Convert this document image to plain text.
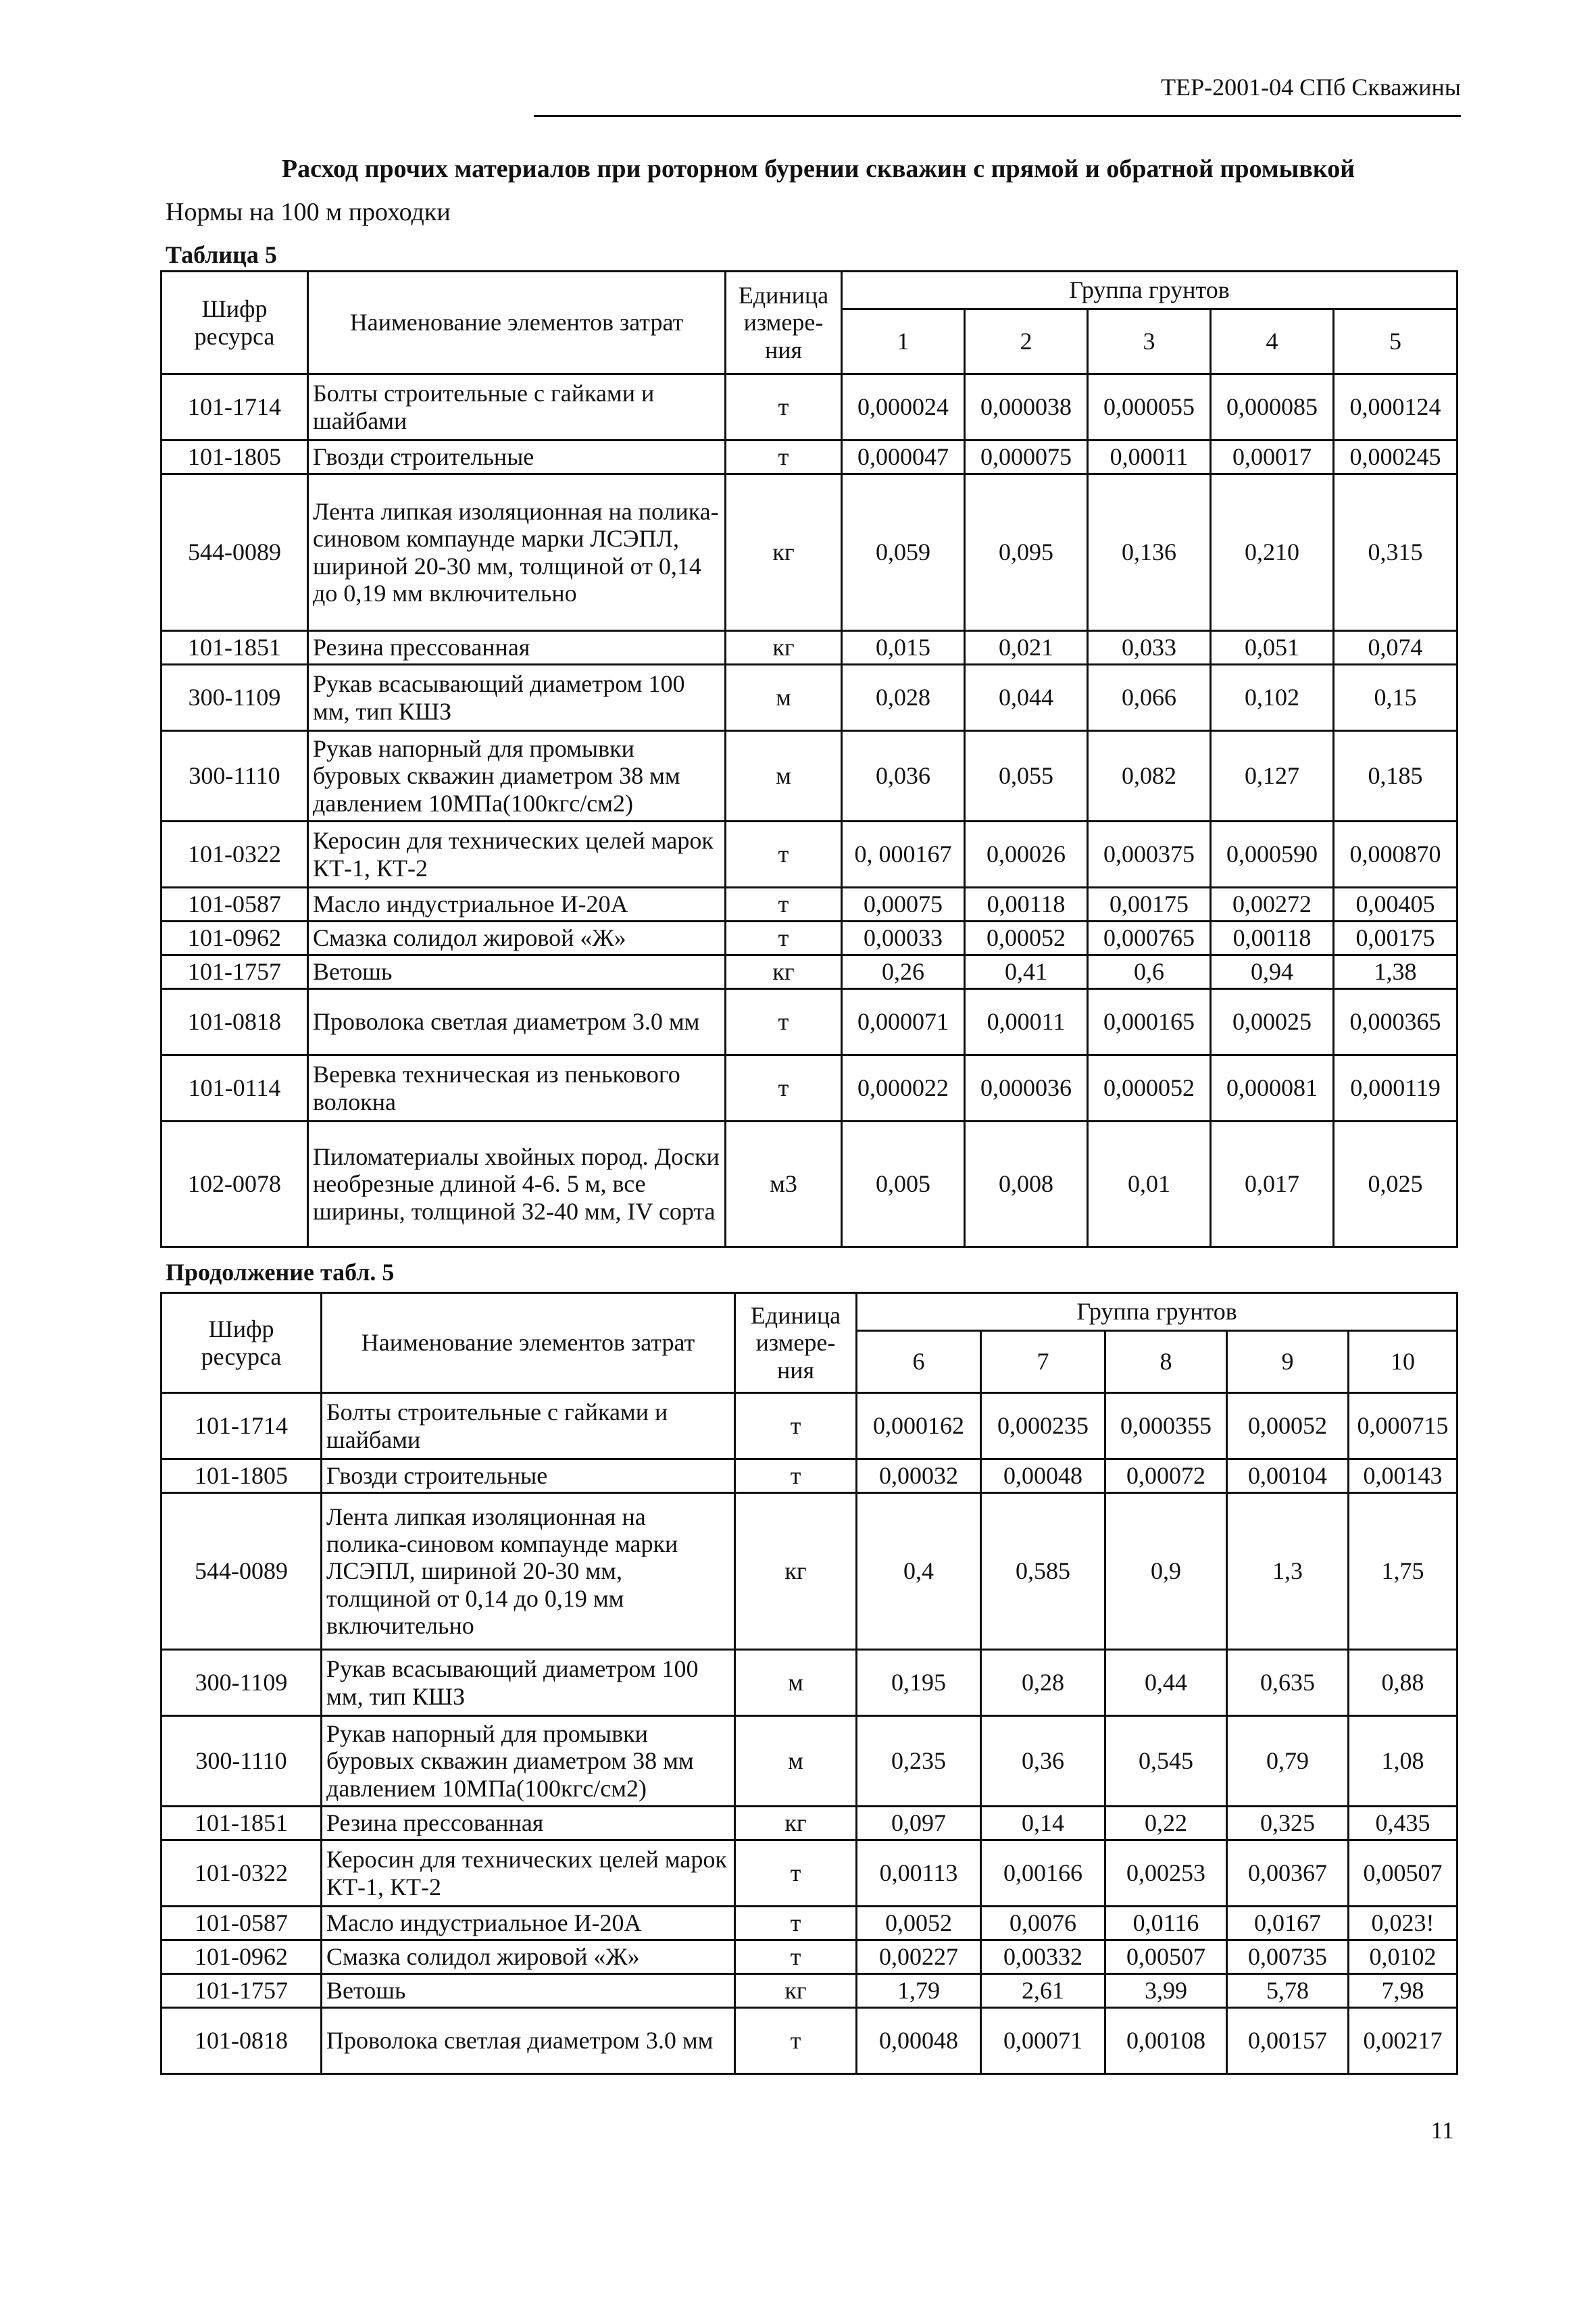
ТЕР-2001-04 СПб Скважины
Расход прочих материалов при роторном бурении скважин с прямой и обратной промывкой
Нормы на 100 м проходки
Таблица 5
Шифр ресурса	Наименование элементов затрат	Единица измере-ния	Группа грунтов				
			1	2	3	4	5
101-1714	Болты строительные с гайками и шайбами	т	0,000024	0,000038	0,000055	0,000085	0,000124
101-1805	Гвозди строительные	т	0,000047	0,000075	0,00011	0,00017	0,000245
544-0089	Лента липкая изоляционная на полика-синовом компаунде марки ЛСЭПЛ, шириной 20-30 мм, толщиной от 0,14 до 0,19 мм включительно	кг	0,059	0,095	0,136	0,210	0,315
101-1851	Резина прессованная	кг	0,015	0,021	0,033	0,051	0,074
300-1109	Рукав всасывающий диаметром 100 мм, тип КШЗ	м	0,028	0,044	0,066	0,102	0,15
300-1110	Рукав напорный для промывки буровых скважин диаметром 38 мм давлением 10МПа(100кгс/см2)	м	0,036	0,055	0,082	0,127	0,185
101-0322	Керосин для технических целей марок КТ-1, КТ-2	т	0, 000167	0,00026	0,000375	0,000590	0,000870
101-0587	Масло индустриальное И-20А	т	0,00075	0,00118	0,00175	0,00272	0,00405
101-0962	Смазка солидол жировой «Ж»	т	0,00033	0,00052	0,000765	0,00118	0,00175
101-1757	Ветошь	кг	0,26	0,41	0,6	0,94	1,38
101-0818	Проволока светлая диаметром 3.0 мм	т	0,000071	0,00011	0,000165	0,00025	0,000365
101-0114	Веревка техническая из пенькового волокна	т	0,000022	0,000036	0,000052	0,000081	0,000119
102-0078	Пиломатериалы хвойных пород. Доски необрезные длиной 4-6. 5 м, все ширины, толщиной 32-40 мм, IV сорта	м3	0,005	0,008	0,01	0,017	0,025
Продолжение табл. 5
Шифр ресурса	Наименование элементов затрат	Единица измере-ния	Группа грунтов				
			6	7	8	9	10
101-1714	Болты строительные с гайками и шайбами	т	0,000162	0,000235	0,000355	0,00052	0,000715
101-1805	Гвозди строительные	т	0,00032	0,00048	0,00072	0,00104	0,00143
544-0089	Лента липкая изоляционная на полика-синовом компаунде марки ЛСЭПЛ, шириной 20-30 мм, толщиной от 0,14 до 0,19 мм включительно	кг	0,4	0,585	0,9	1,3	1,75
300-1109	Рукав всасывающий диаметром 100 мм, тип КШЗ	м	0,195	0,28	0,44	0,635	0,88
300-1110	Рукав напорный для промывки буровых скважин диаметром 38 мм давлением 10МПа(100кгс/см2)	м	0,235	0,36	0,545	0,79	1,08
101-1851	Резина прессованная	кг	0,097	0,14	0,22	0,325	0,435
101-0322	Керосин для технических целей марок КТ-1, КТ-2	т	0,00113	0,00166	0,00253	0,00367	0,00507
101-0587	Масло индустриальное И-20А	т	0,0052	0,0076	0,0116	0,0167	0,023!
101-0962	Смазка солидол жировой «Ж»	т	0,00227	0,00332	0,00507	0,00735	0,0102
101-1757	Ветошь	кг	1,79	2,61	3,99	5,78	7,98
101-0818	Проволока светлая диаметром 3.0 мм	т	0,00048	0,00071	0,00108	0,00157	0,00217
11
